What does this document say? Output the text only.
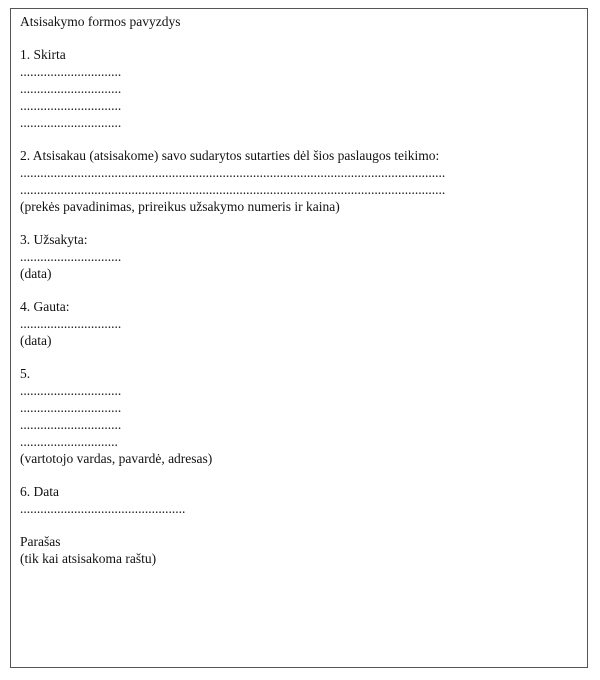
Atsisakymo formos pavyzdys
1. Skirta
..............................
..............................
..............................
..............................
2. Atsisakau (atsisakome) savo sudarytos sutarties dėl šios paslaugos teikimo:
..............................................................................................................................
..............................................................................................................................
(prekės pavadinimas, prireikus užsakymo numeris ir kaina)
3. Užsakyta:
..............................
(data)
4. Gauta:
..............................
(data)
5.
..............................
..............................
..............................
.............................
(vartotojo vardas, pavardė, adresas)
6. Data
.................................................
Parašas
(tik kai atsisakoma raštu)
